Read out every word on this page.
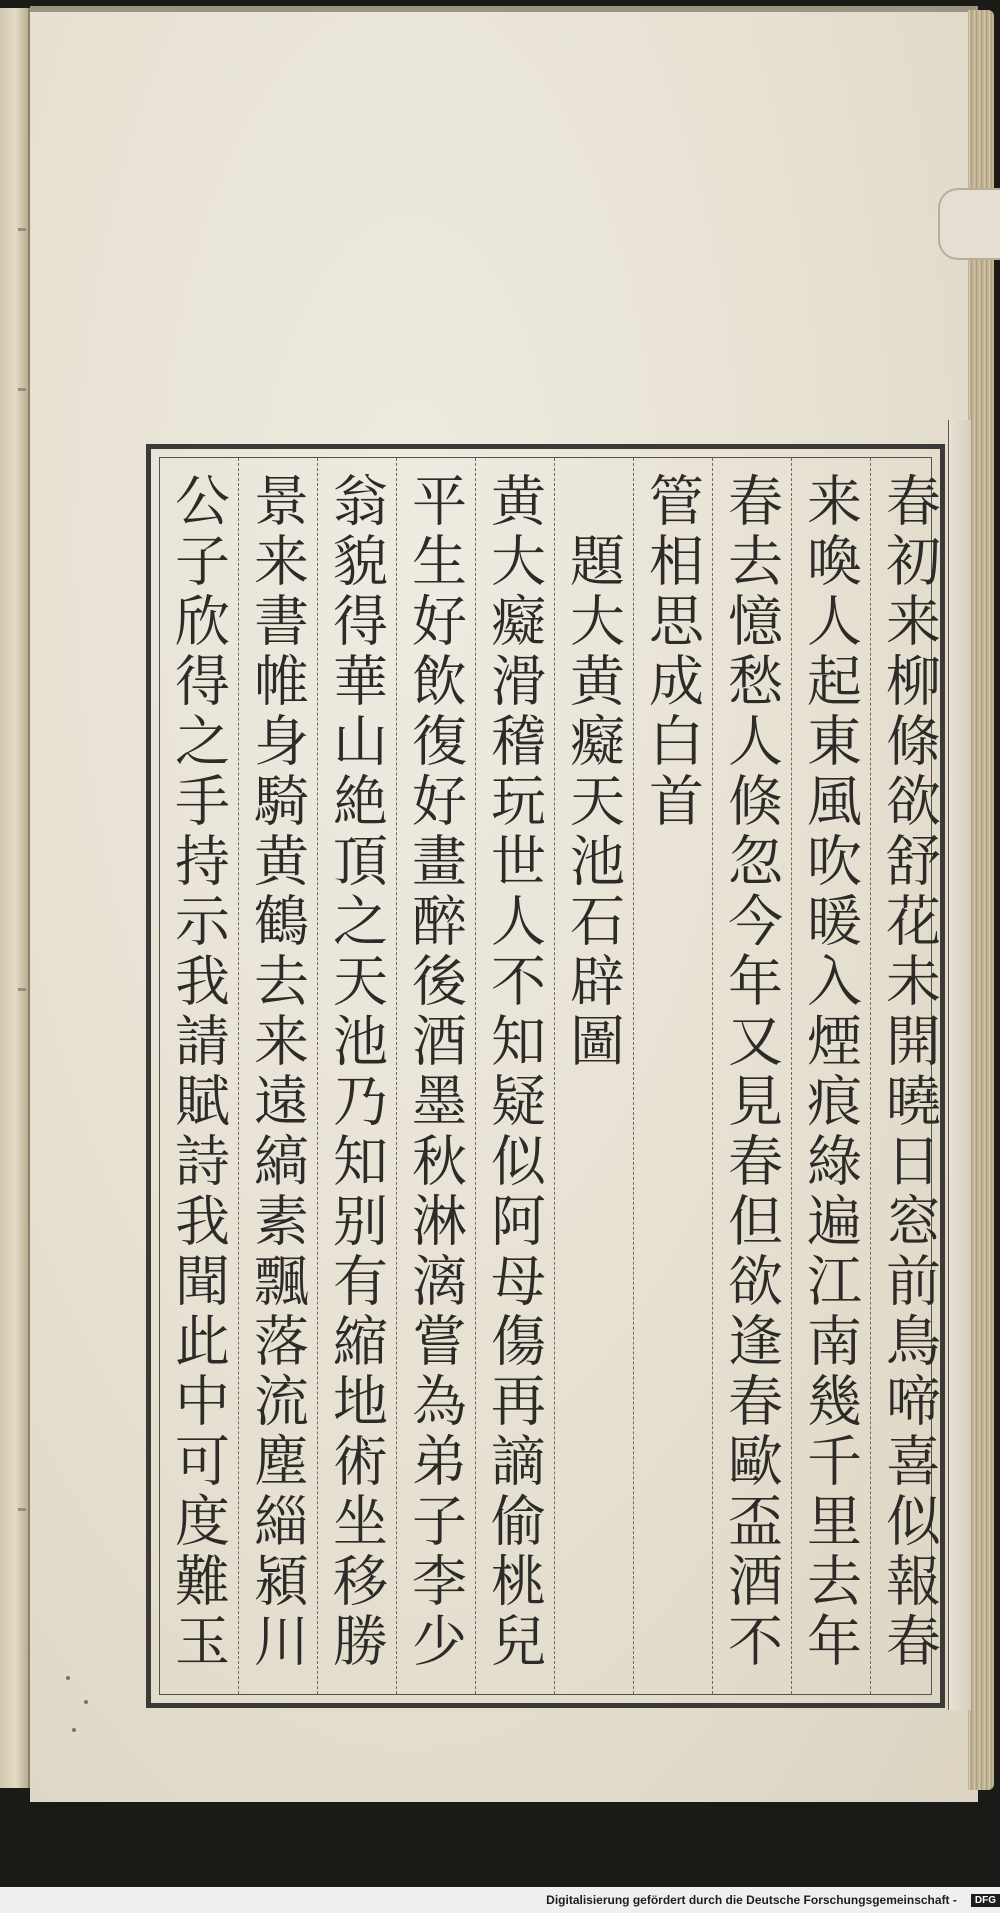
春初来柳條欲舒花未開曉日窓前鳥啼喜似報春
来喚人起東風吹暖入煙痕綠遍江南幾千里去年
春去憶愁人倏忽今年又見春但欲逢春歐盃酒不
管相思成白首
　題大黄癡天池石辟圖
黄大癡滑稽玩世人不知疑似阿母傷再謫偷桃兒
平生好飲復好畫醉後酒墨秋淋漓嘗為弟子李少
翁貌得華山絶頂之天池乃知别有縮地術坐移勝
景来書帷身騎黄鶴去来遠縞素飄落流塵緇潁川
公子欣得之手持示我請賦詩我聞此中可度難玉
Digitalisierung gefördert durch die Deutsche Forschungsgemeinschaft -	DFG
